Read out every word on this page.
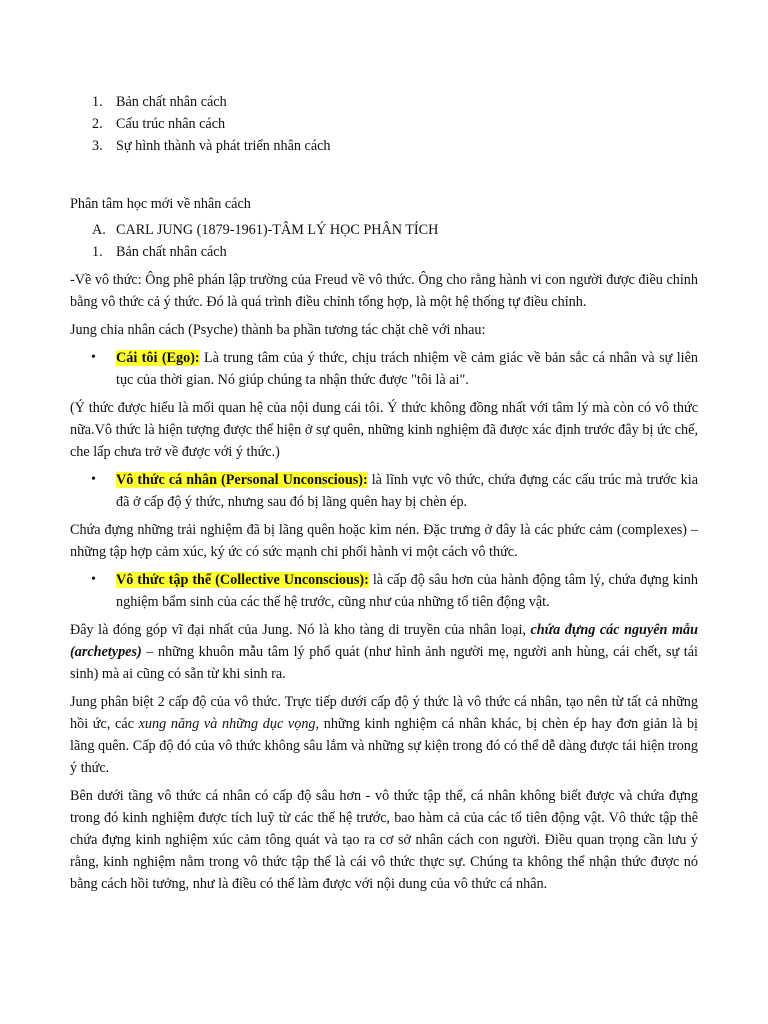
1. Bản chất nhân cách
2. Cấu trúc nhân cách
3. Sự hình thành và phát triển nhân cách

Phân tâm học mới về nhân cách

A. CARL JUNG (1879-1961)-TÂM LÝ HỌC PHÂN TÍCH
1. Bản chất nhân cách

-Về vô thức: Ông phê phán lập trường của Freud về vô thức. Ông cho rằng hành vi con người được điều chỉnh bằng vô thức cả ý thức. Đó là quá trình điều chỉnh tổng hợp, là một hệ thống tự điều chỉnh.

Jung chia nhân cách (Psyche) thành ba phần tương tác chặt chẽ với nhau:

• Cái tôi (Ego): Là trung tâm của ý thức, chịu trách nhiệm về cảm giác về bản sắc cá nhân và sự liên tục của thời gian. Nó giúp chúng ta nhận thức được "tôi là ai".

(Ý thức được hiểu là mối quan hệ của nội dung cái tôi. Ý thức không đồng nhất với tâm lý mà còn có vô thức nữa.Vô thức là hiện tượng được thể hiện ở sự quên, những kinh nghiệm đã được xác định trước đây bị ức chế, che lấp chưa trở về được với ý thức.)

• Vô thức cá nhân (Personal Unconscious): là lĩnh vực vô thức, chứa đựng các cấu trúc mà trước kia đã ở cấp độ ý thức, nhưng sau đó bị lãng quên hay bị chèn ép.

Chứa đựng những trải nghiệm đã bị lãng quên hoặc kìm nén. Đặc trưng ở đây là các phức cảm (complexes) – những tập hợp cảm xúc, ký ức có sức mạnh chi phối hành vi một cách vô thức.

• Vô thức tập thể (Collective Unconscious): là cấp độ sâu hơn của hành động tâm lý, chứa đựng kinh nghiệm bẩm sinh của các thế hệ trước, cũng như của những tổ tiên động vật.

Đây là đóng góp vĩ đại nhất của Jung. Nó là kho tàng di truyền của nhân loại, chứa đựng các nguyên mẫu (archetypes) – những khuôn mẫu tâm lý phổ quát (như hình ảnh người mẹ, người anh hùng, cái chết, sự tái sinh) mà ai cũng có sẵn từ khi sinh ra.

Jung phân biệt 2 cấp độ của vô thức. Trực tiếp dưới cấp độ ý thức là vô thức cá nhân, tạo nên từ tất cả những hồi ức, các xung năng và những dục vọng, những kinh nghiệm cá nhân khác, bị chèn ép hay đơn giản là bị lãng quên. Cấp độ đó của vô thức không sâu lắm và những sự kiện trong đó có thể dễ dàng được tái hiện trong ý thức.

Bên dưới tầng vô thức cá nhân có cấp độ sâu hơn - vô thức tập thể, cá nhân không biết được và chứa đựng trong đó kinh nghiệm được tích luỹ từ các thế hệ trước, bao hàm cả của các tổ tiên động vật. Vô thức tập thê chứa đựng kinh nghiệm xúc cảm tông quát và tạo ra cơ sở nhân cách con người. Điều quan trọng cần lưu ý rằng, kinh nghiệm nằm trong vô thức tập thể là cái vô thức thực sự. Chúng ta không thể nhận thức được nó bằng cách hồi tưởng, như là điều có thể làm được với nội dung của vô thức cá nhân.
